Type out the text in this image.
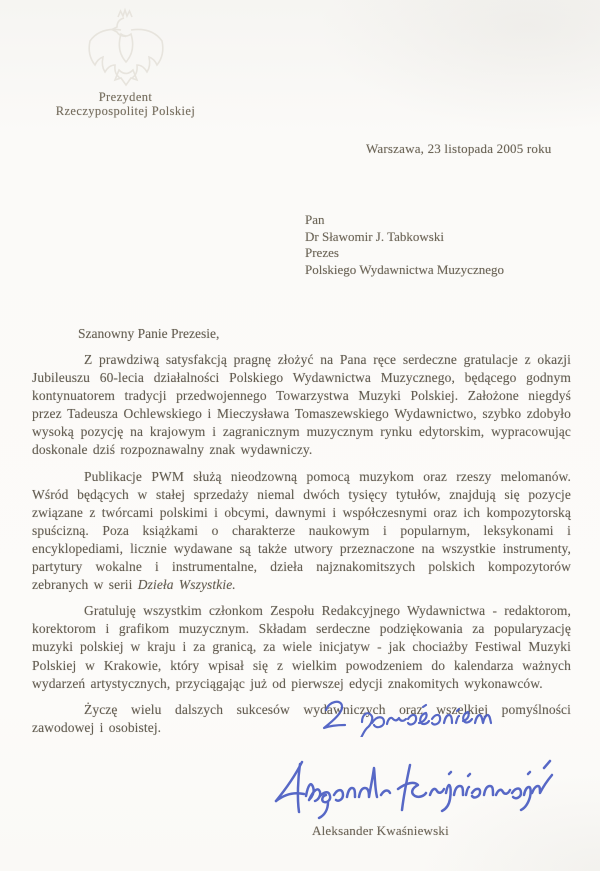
Prezydent
Rzeczypospolitej Polskiej
Warszawa, 23 listopada 2005 roku
Pan
Dr Sławomir J. Tabkowski
Prezes
Polskiego Wydawnictwa Muzycznego
Szanowny Panie Prezesie,

Z prawdziwą satysfakcją pragnę złożyć na Pana ręce serdeczne gratulacje z okazji Jubileuszu 60-lecia działalności Polskiego Wydawnictwa Muzycznego, będącego godnym kontynuatorem tradycji przedwojennego Towarzystwa Muzyki Polskiej. Założone niegdyś przez Tadeusza Ochlewskiego i Mieczysława Tomaszewskiego Wydawnictwo, szybko zdobyło wysoką pozycję na krajowym i zagranicznym muzycznym rynku edytorskim, wypracowując doskonale dziś rozpoznawalny znak wydawniczy.

Publikacje PWM służą nieodzowną pomocą muzykom oraz rzeszy melomanów. Wśród będących w stałej sprzedaży niemal dwóch tysięcy tytułów, znajdują się pozycje związane z twórcami polskimi i obcymi, dawnymi i współczesnymi oraz ich kompozytorską spuścizną. Poza książkami o charakterze naukowym i popularnym, leksykonami i encyklopediami, licznie wydawane są także utwory przeznaczone na wszystkie instrumenty, partytury wokalne i instrumentalne, dzieła najznakomitszych polskich kompozytorów zebranych w serii Dzieła Wszystkie.

Gratuluję wszystkim członkom Zespołu Redakcyjnego Wydawnictwa - redaktorom, korektorom i grafikom muzycznym. Składam serdeczne podziękowania za popularyzację muzyki polskiej w kraju i za granicą, za wiele inicjatyw - jak chociażby Festiwal Muzyki Polskiej w Krakowie, który wpisał się z wielkim powodzeniem do kalendarza ważnych wydarzeń artystycznych, przyciągając już od pierwszej edycji znakomitych wykonawców.

Życzę wielu dalszych sukcesów wydawniczych oraz wszelkiej pomyślności zawodowej i osobistej.

Aleksander Kwaśniewski
